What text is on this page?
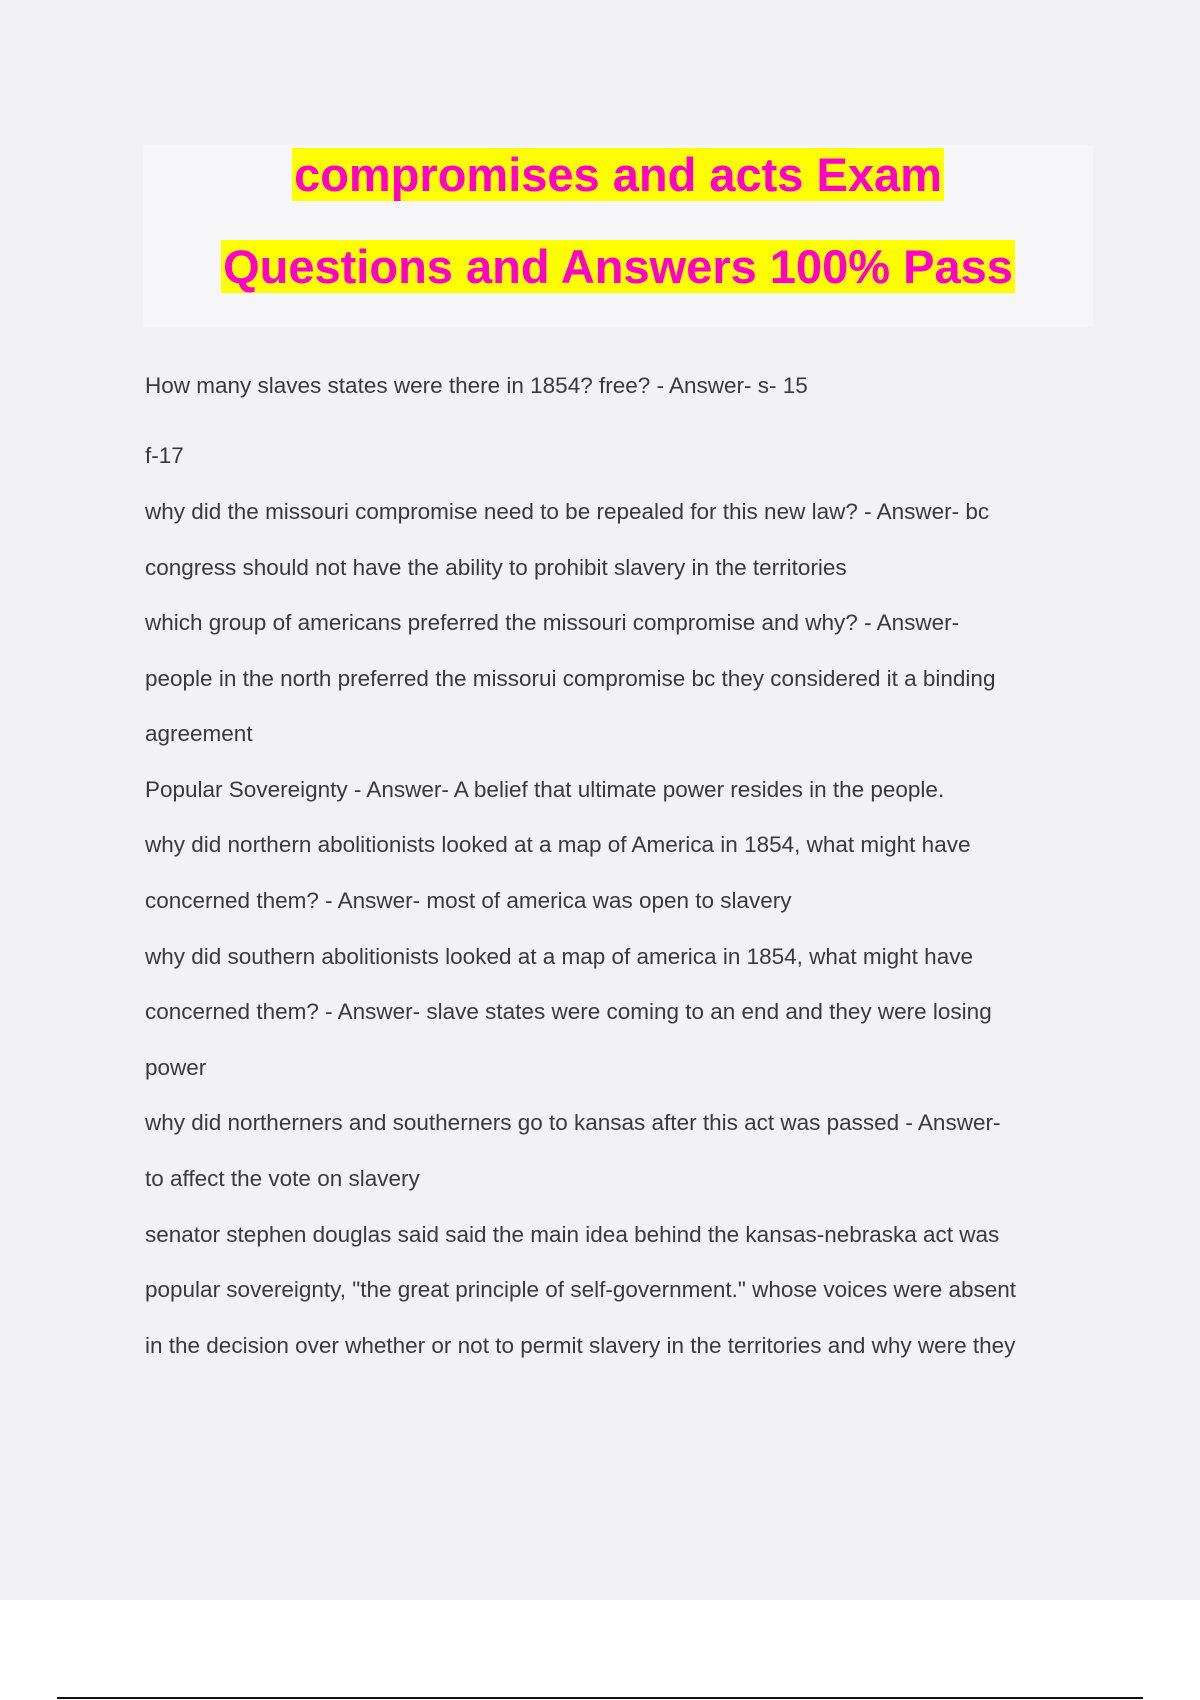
compromises and acts Exam
Questions and Answers 100% Pass
How many slaves states were there in 1854? free? - Answer- s- 15
f-17
why did the missouri compromise need to be repealed for this new law? - Answer- bc
congress should not have the ability to prohibit slavery in the territories
which group of americans preferred the missouri compromise and why? - Answer-
people in the north preferred the missorui compromise bc they considered it a binding
agreement
Popular Sovereignty - Answer- A belief that ultimate power resides in the people.
why did northern abolitionists looked at a map of America in 1854, what might have
concerned them? - Answer- most of america was open to slavery
why did southern abolitionists looked at a map of america in 1854, what might have
concerned them? - Answer- slave states were coming to an end and they were losing
power
why did northerners and southerners go to kansas after this act was passed - Answer-
to affect the vote on slavery
senator stephen douglas said said the main idea behind the kansas-nebraska act was
popular sovereignty, "the great principle of self-government." whose voices were absent
in the decision over whether or not to permit slavery in the territories and why were they
